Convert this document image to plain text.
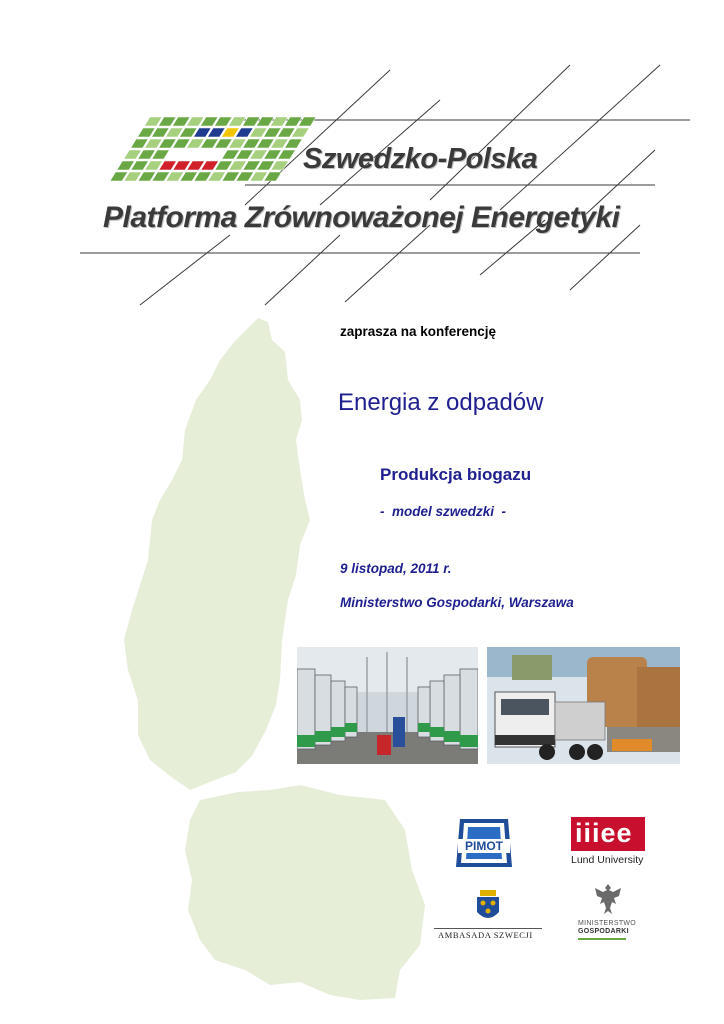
Szwedzko-Polska
Platforma Zrównoważonej Energetyki
zaprasza na konferencję
Energia z odpadów
Produkcja biogazu
-  model szwedzki  -
9 listopad, 2011 r.
Ministerstwo Gospodarki, Warszawa
PIMOT	iiiee
Lund University
AMBASADA SZWECJI
MINISTERSTWO
GOSPODARKI
